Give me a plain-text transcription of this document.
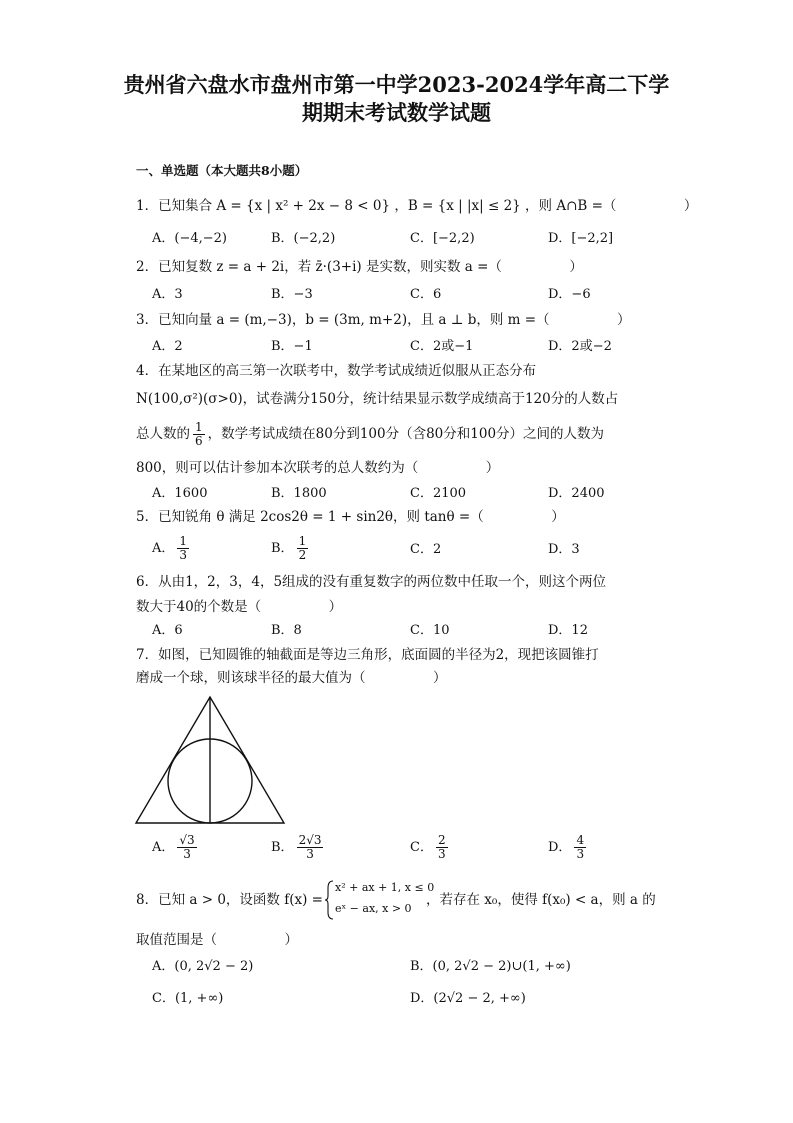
贵州省六盘水市盘州市第一中学2023-2024学年高二下学
期期末考试数学试题
一、单选题（本大题共8小题）
1．已知集合 A = {x | x² + 2x − 8 < 0} ，B = {x | |x| ≤ 2} ，则 A∩B =（　　　　　）
A．(−4,−2)	B．(−2,2)	C．[−2,2)	D．[−2,2]
2．已知复数 z = a + 2i，若 z̄·(3+i) 是实数，则实数 a =（　　　　　）
A．3	B．−3	C．6	D．−6
3．已知向量 a = (m,−3)，b = (3m, m+2)，且 a ⊥ b，则 m =（　　　　　）
A．2	B．−1	C．2或−1	D．2或−2
4．在某地区的高三第一次联考中，数学考试成绩近似服从正态分布
N(100,σ²)(σ>0)，试卷满分150分，统计结果显示数学成绩高于120分的人数占
总人数的 $\frac{1}{6}$ ，数学考试成绩在80分到100分（含80分和100分）之间的人数为
800，则可以估计参加本次联考的总人数约为（　　　　　）
A．1600	B．1800	C．2100	D．2400
5．已知锐角 θ 满足 2cos2θ = 1 + sin2θ，则 tanθ =（　　　　　）
A． $\frac{1}{3}$	B． $\frac{1}{2}$	C．2	D．3
6．从由1，2，3，4，5组成的没有重复数字的两位数中任取一个，则这个两位
数大于40的个数是（　　　　　）
A．6	B．8	C．10	D．12
7．如图，已知圆锥的轴截面是等边三角形，底面圆的半径为2，现把该圆锥打
磨成一个球，则该球半径的最大值为（　　　　　）
A． $\frac{√3}{3}$	B． $\frac{2√3}{3}$	C． $\frac{2}{3}$	D． $\frac{4}{3}$
8．已知 a > 0，设函数 f(x) =
x² + ax + 1, x ≤ 0
eˣ − ax, x > 0
，若存在 x₀，使得 f(x₀) < a，则 a 的
取值范围是（　　　　　）
A．(0, 2√2 − 2)	B．(0, 2√2 − 2)∪(1, +∞)
C．(1, +∞)	D．(2√2 − 2, +∞)
